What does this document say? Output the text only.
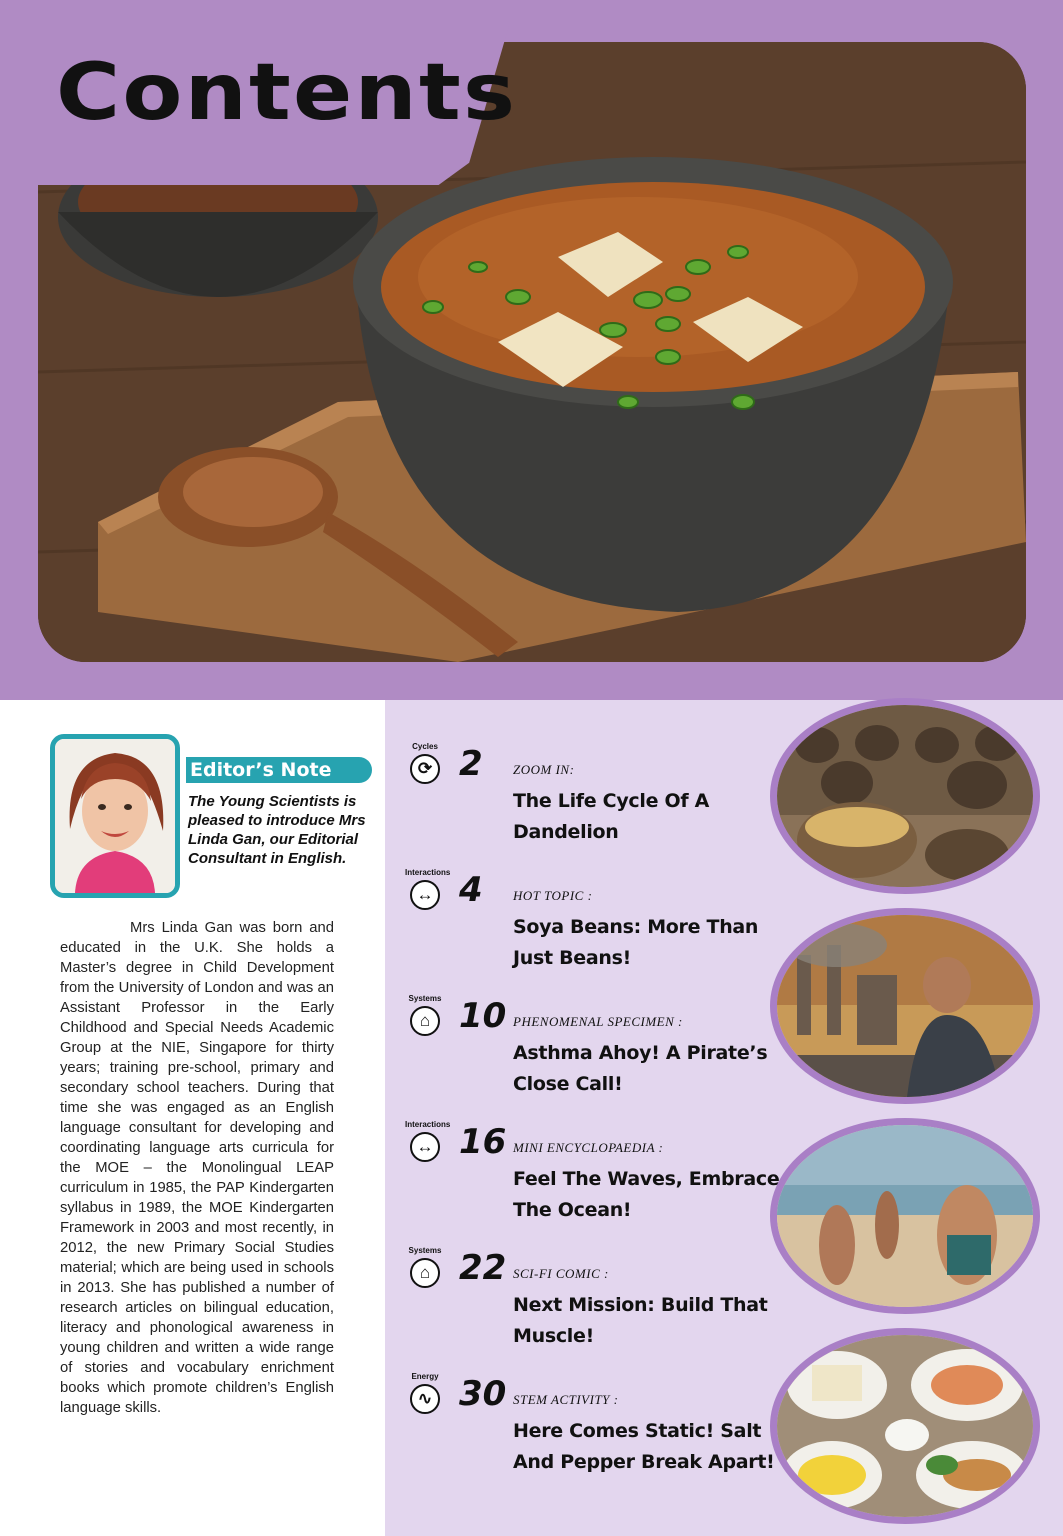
Contents
Editor’s Note
The Young Scientists is pleased to introduce Mrs Linda Gan, our Editorial Consultant in English.
Mrs Linda Gan was born and educated in the U.K. She holds a Master’s degree in Child Development from the University of London and was an Assistant Professor in the Early Childhood and Special Needs Academic Group at the NIE, Singapore for thirty years; training pre-school, primary and secondary school teachers. During that time she was engaged as an English language consultant for developing and coordinating language arts curricula for the MOE – the Monolingual LEAP curriculum in 1985, the PAP Kindergarten syllabus in 1989, the MOE Kindergarten Framework in 2003 and most recently, in 2012, the new Primary Social Studies material; which are being used in schools in 2013. She has published a number of research articles on bilingual education, literacy and phonological awareness in young children and written a wide range of stories and vocabulary enrichment books which promote children’s English language skills.
Cycles
⟳ 2 ZOOM IN:
The Life Cycle Of A Dandelion
Interactions
↔ 4 HOT TOPIC :
Soya Beans: More Than Just Beans!
Systems
⌂ 10 PHENOMENAL SPECIMEN :
Asthma Ahoy! A Pirate’s Close Call!
Interactions
↔ 16 MINI ENCYCLOPAEDIA :
Feel The Waves, Embrace The Ocean!
Systems
⌂ 22 SCI-FI COMIC :
Next Mission: Build That Muscle!
Energy
∿ 30 STEM ACTIVITY :
Here Comes Static! Salt And Pepper Break Apart!
